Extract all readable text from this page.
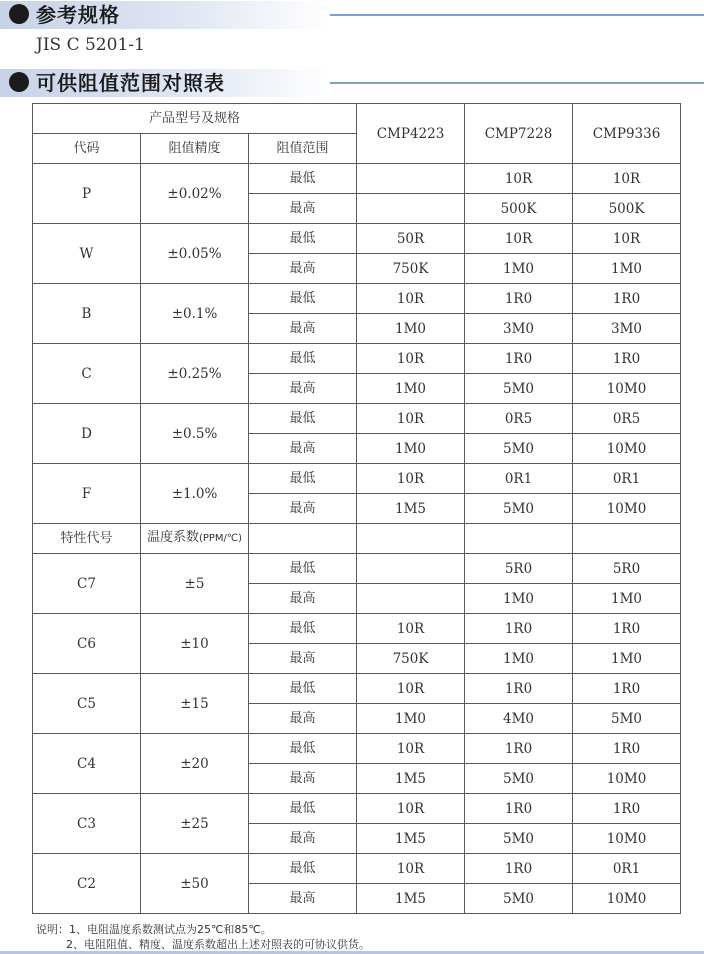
参考规格
JIS C 5201-1
可供阻值范围对照表
产品型号及规格			CMP4223	CMP7228	CMP9336
代码	阻值精度	阻值范围			
P	±0.02%	最低		10R	10R
		最高		500K	500K
W	±0.05%	最低	50R	10R	10R
		最高	750K	1M0	1M0
B	±0.1%	最低	10R	1R0	1R0
		最高	1M0	3M0	3M0
C	±0.25%	最低	10R	1R0	1R0
		最高	1M0	5M0	10M0
D	±0.5%	最低	10R	0R5	0R5
		最高	1M0	5M0	10M0
F	±1.0%	最低	10R	0R1	0R1
		最高	1M5	5M0	10M0
特性代号	温度系数(PPM/℃)				
C7	±5	最低		5R0	5R0
		最高		1M0	1M0
C6	±10	最低	10R	1R0	1R0
		最高	750K	1M0	1M0
C5	±15	最低	10R	1R0	1R0
		最高	1M0	4M0	5M0
C4	±20	最低	10R	1R0	1R0
		最高	1M5	5M0	10M0
C3	±25	最低	10R	1R0	1R0
		最高	1M5	5M0	10M0
C2	±50	最低	10R	1R0	0R1
		最高	1M5	5M0	10M0
说明：1、电阻温度系数测试点为25℃和85℃。
2、电阻阻值、精度、温度系数超出上述对照表的可协议供货。
